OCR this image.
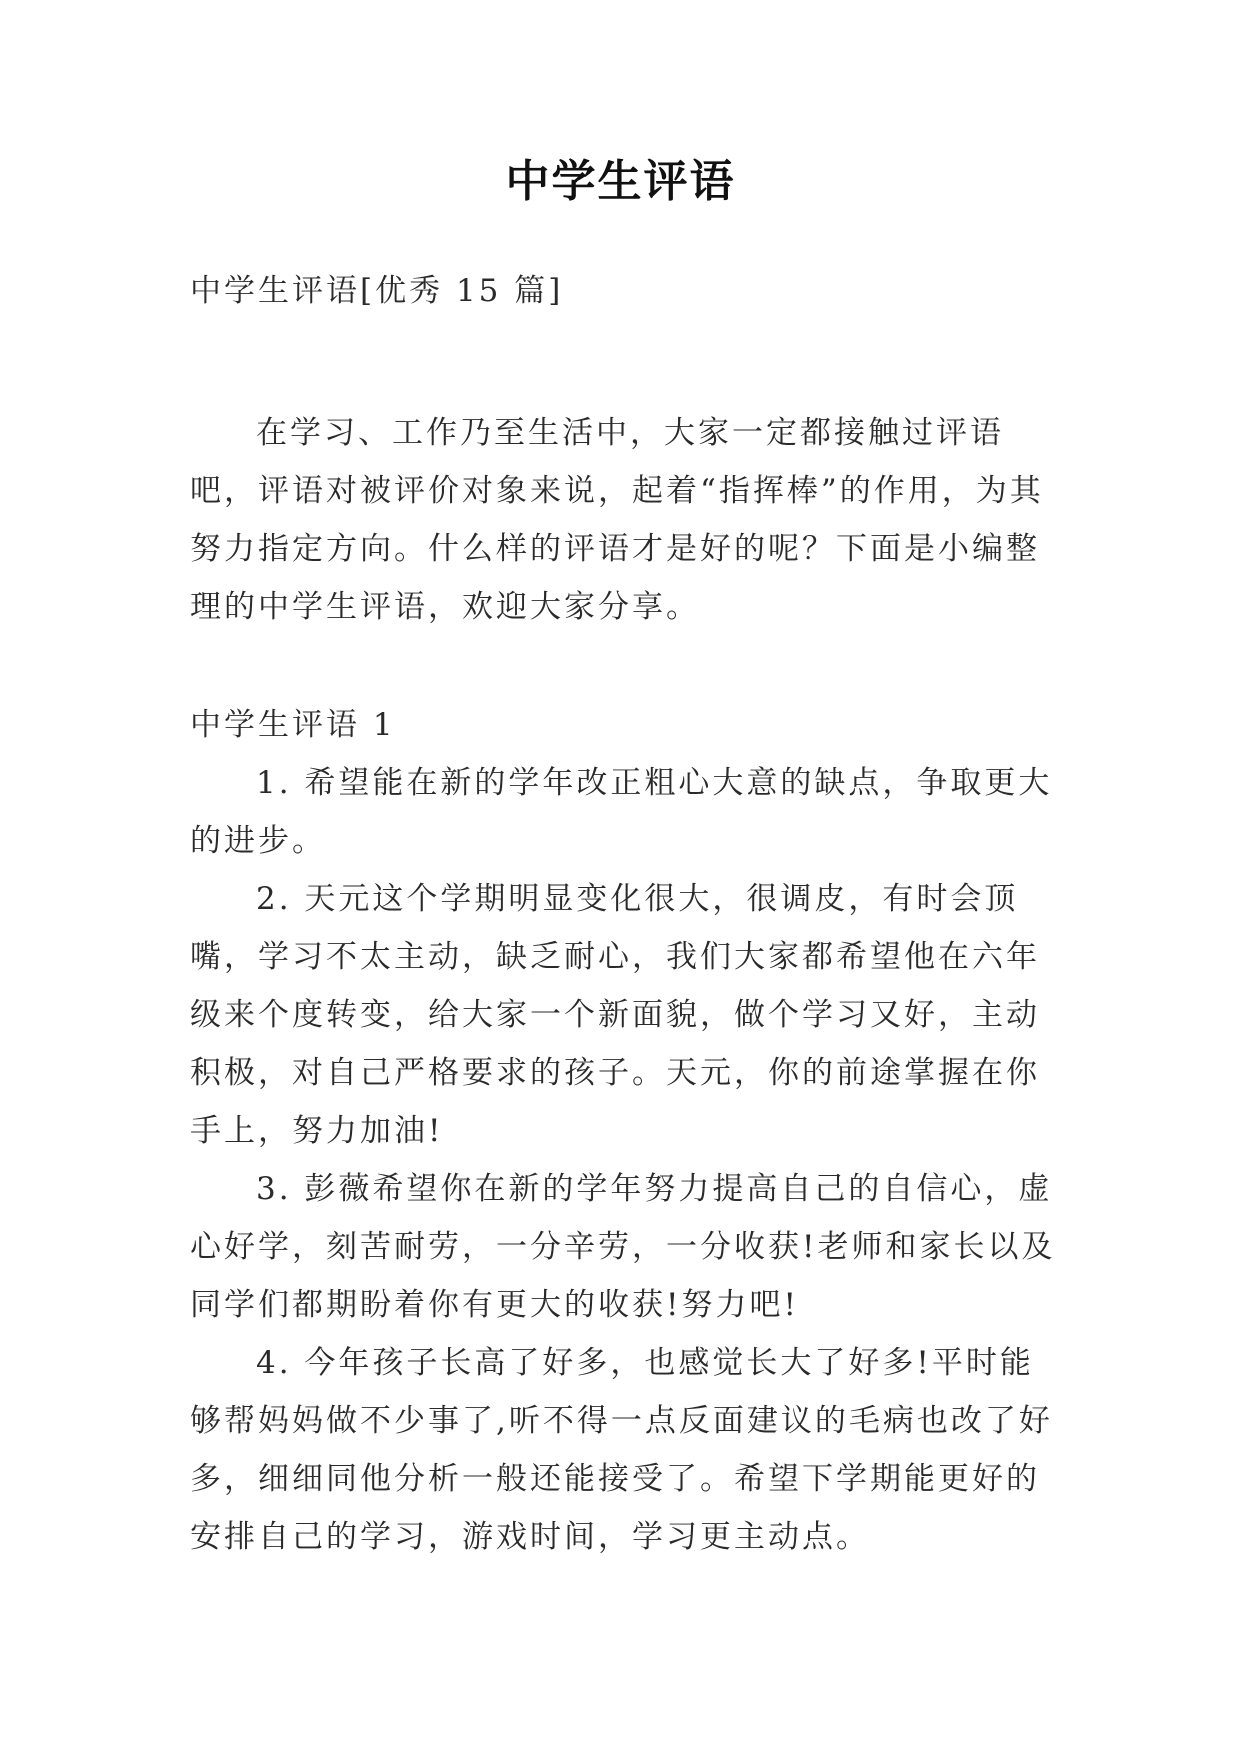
中学生评语
中学生评语[优秀 15 篇]

在学习、工作乃至生活中，大家一定都接触过评语吧，评语对被评价对象来说，起着“指挥棒”的作用，为其努力指定方向。什么样的评语才是好的呢？下面是小编整理的中学生评语，欢迎大家分享。

中学生评语 1

1. 希望能在新的学年改正粗心大意的缺点，争取更大的进步。

2. 天元这个学期明显变化很大，很调皮，有时会顶嘴，学习不太主动，缺乏耐心，我们大家都希望他在六年级来个度转变，给大家一个新面貌，做个学习又好，主动积极，对自己严格要求的孩子。天元，你的前途掌握在你手上，努力加油!

3. 彭薇希望你在新的学年努力提高自己的自信心，虚心好学，刻苦耐劳，一分辛劳，一分收获!老师和家长以及同学们都期盼着你有更大的收获!努力吧!

4. 今年孩子长高了好多，也感觉长大了好多!平时能够帮妈妈做不少事了,听不得一点反面建议的毛病也改了好多，细细同他分析一般还能接受了。希望下学期能更好的安排自己的学习，游戏时间，学习更主动点。
